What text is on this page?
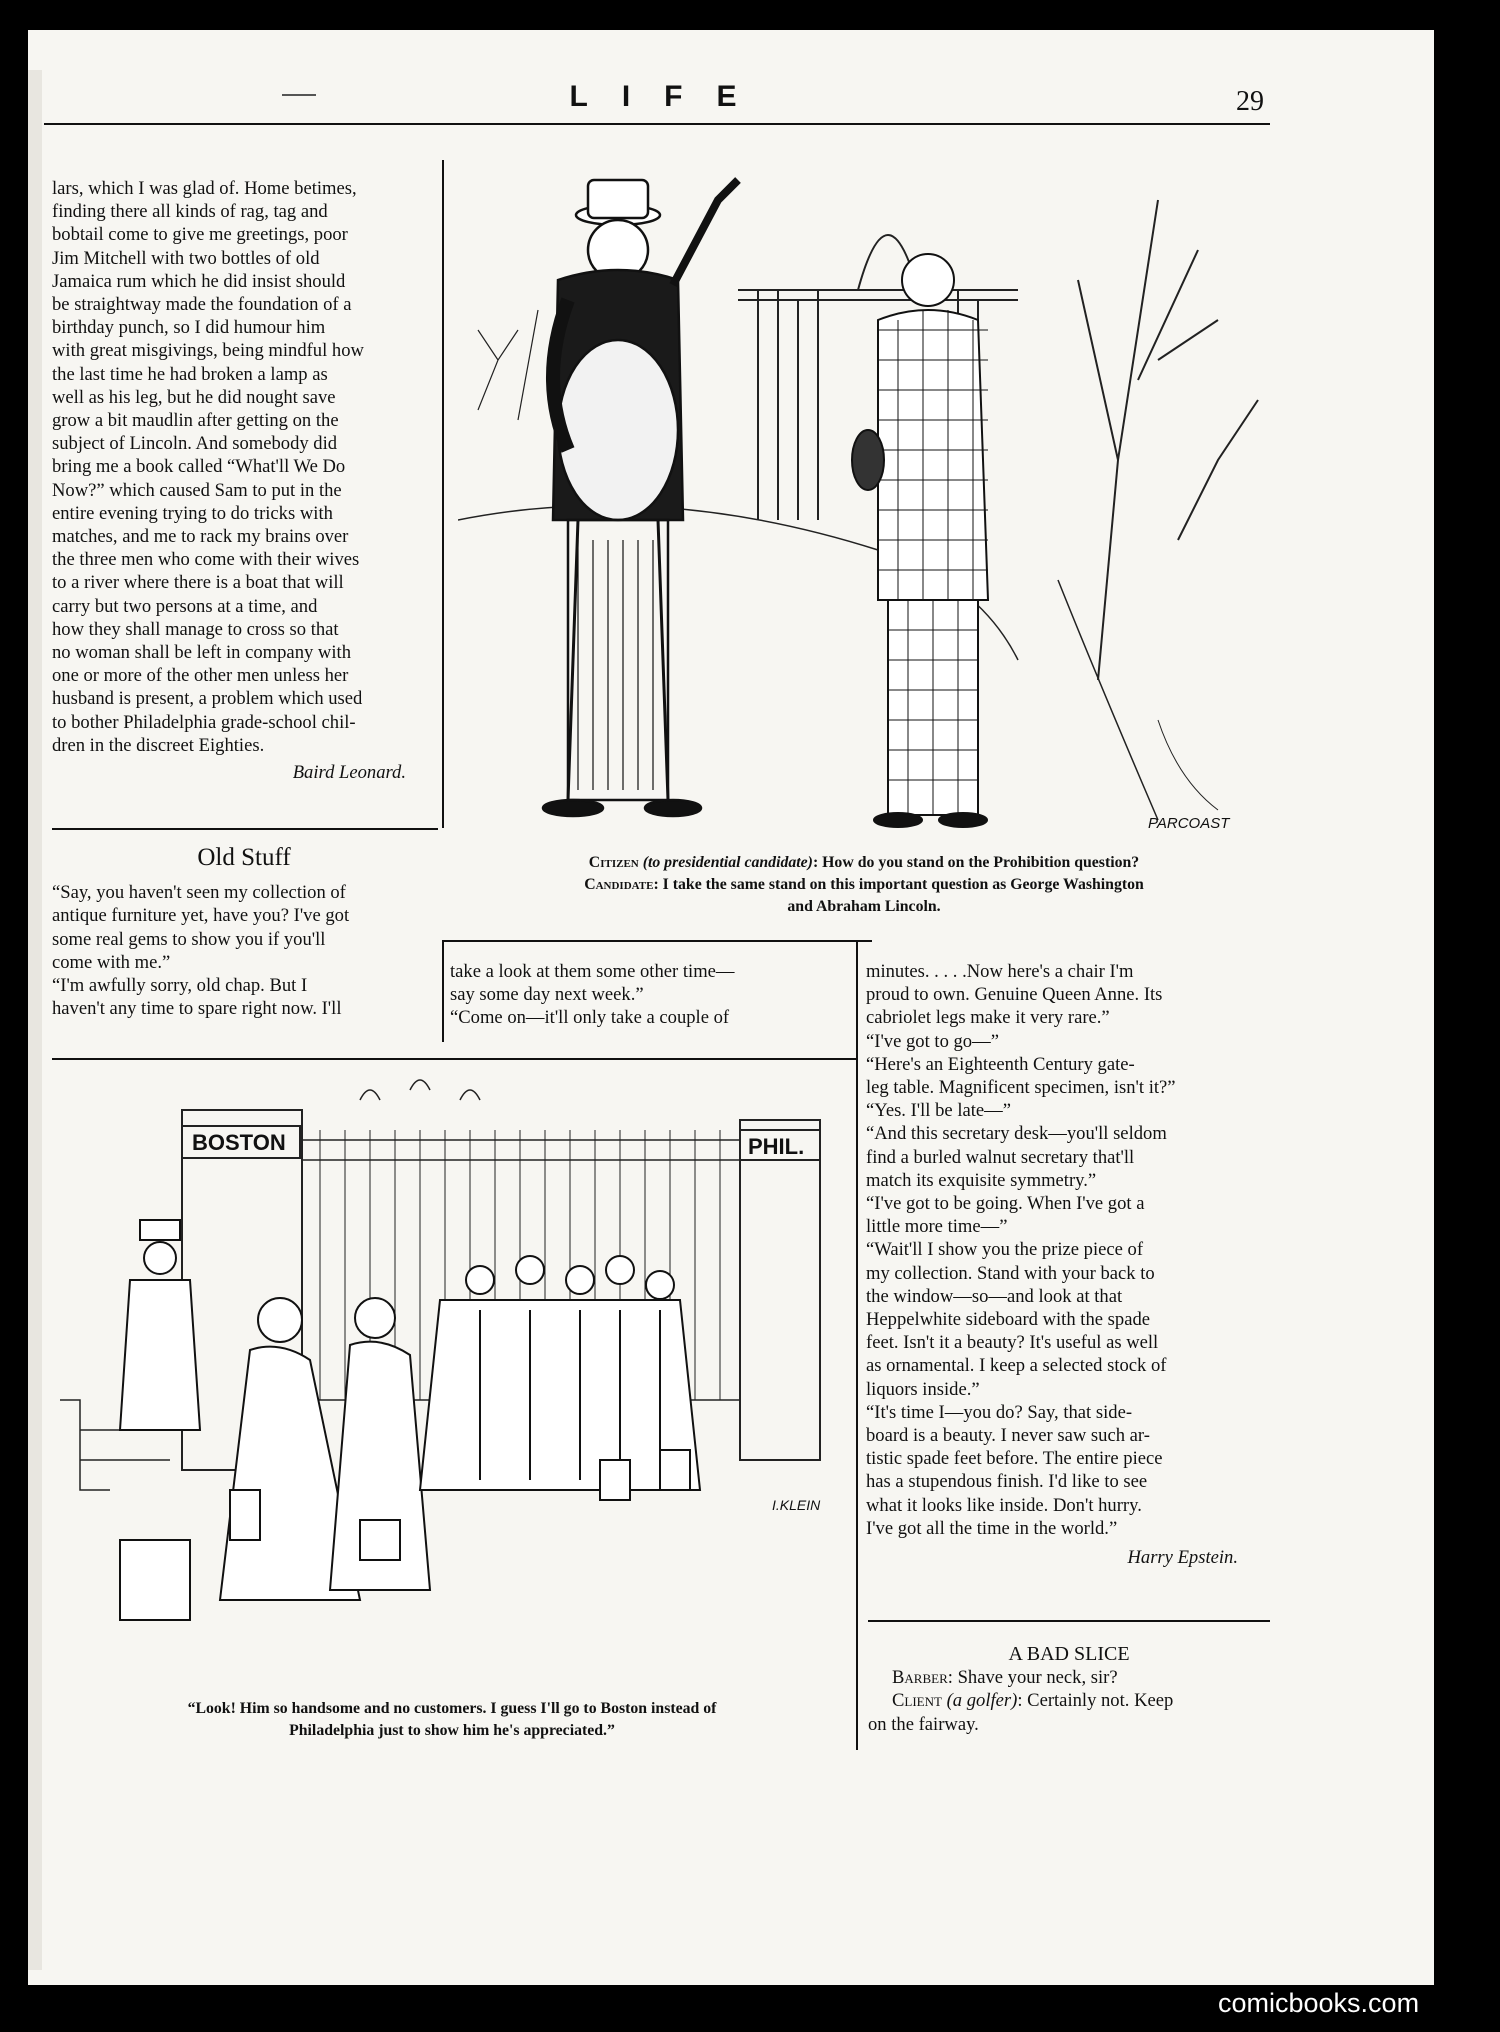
LIFE	29

lars, which I was glad of. Home betimes,
finding there all kinds of rag, tag and
bobtail come to give me greetings, poor
Jim Mitchell with two bottles of old
Jamaica rum which he did insist should
be straightway made the foundation of a
birthday punch, so I did humour him
with great misgivings, being mindful how
the last time he had broken a lamp as
well as his leg, but he did nought save
grow a bit maudlin after getting on the
subject of Lincoln. And somebody did
bring me a book called “What'll We Do
Now?” which caused Sam to put in the
entire evening trying to do tricks with
matches, and me to rack my brains over
the three men who come with their wives
to a river where there is a boat that will
carry but two persons at a time, and
how they shall manage to cross so that
no woman shall be left in company with
one or more of the other men unless her
husband is present, a problem which used
to bother Philadelphia grade-school chil-
dren in the discreet Eighties.

Baird Leonard.

PARCOAST
Citizen (to presidential candidate): How do you stand on the Prohibition question?
Candidate: I take the same stand on this important question as George Washington
and Abraham Lincoln.

Old Stuff

“Say, you haven't seen my collection of
antique furniture yet, have you? I've got
some real gems to show you if you'll
come with me.”
“I'm awfully sorry, old chap. But I
haven't any time to spare right now. I'll

take a look at them some other time—
say some day next week.”
“Come on—it'll only take a couple of

minutes. . . . .Now here's a chair I'm
proud to own. Genuine Queen Anne. Its
cabriolet legs make it very rare.”
“I've got to go—”
“Here's an Eighteenth Century gate-
leg table. Magnificent specimen, isn't it?”
“Yes. I'll be late—”
“And this secretary desk—you'll seldom
find a burled walnut secretary that'll
match its exquisite symmetry.”
“I've got to be going. When I've got a
little more time—”
“Wait'll I show you the prize piece of
my collection. Stand with your back to
the window—so—and look at that
Heppelwhite sideboard with the spade
feet. Isn't it a beauty? It's useful as well
as ornamental. I keep a selected stock of
liquors inside.”
“It's time I—you do? Say, that side-
board is a beauty. I never saw such ar-
tistic spade feet before. The entire piece
has a stupendous finish. I'd like to see
what it looks like inside. Don't hurry.
I've got all the time in the world.”

Harry Epstein.

BOSTON	PHIL.
I.KLEIN
“Look! Him so handsome and no customers. I guess I'll go to Boston instead of
Philadelphia just to show him he's appreciated.”

A BAD SLICE

Barber: Shave your neck, sir?

Client (a golfer): Certainly not. Keep

on the fairway.

comicbooks.com
